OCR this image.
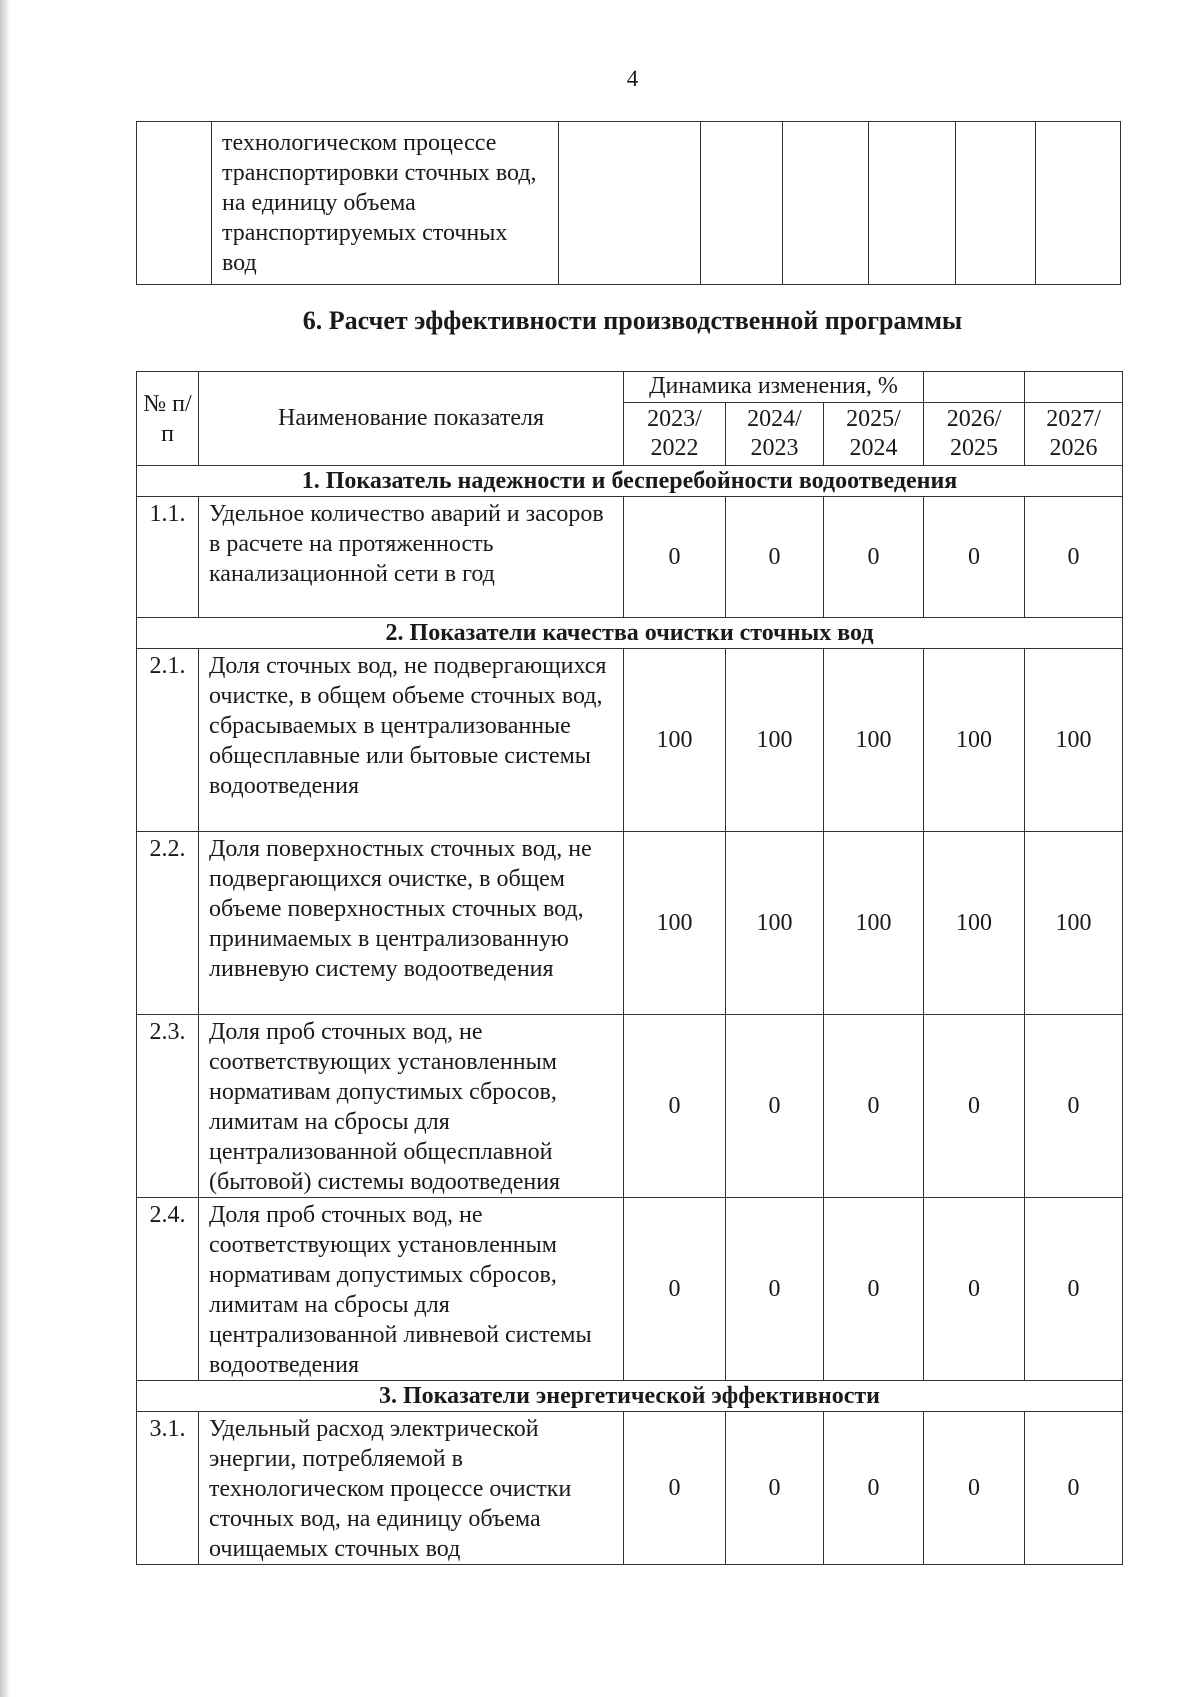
4

	технологическом процессе транспортировки сточных вод, на единицу объема транспортируемых сточных вод						
6. Расчет эффективности производственной программы
№ п/п	Наименование показателя	Динамика изменения, %				
		2023/ 2022	2024/ 2023	2025/ 2024	2026/ 2025	2027/ 2026
1. Показатель надежности и бесперебойности водоотведения						
1.1.	Удельное количество аварий и засоров в расчете на протяженность канализационной сети в год	0	0	0	0	0
2. Показатели качества очистки сточных вод						
2.1.	Доля сточных вод, не подвергающихся очистке, в общем объеме сточных вод, сбрасываемых в централизованные общесплавные или бытовые системы водоотведения	100	100	100	100	100
2.2.	Доля поверхностных сточных вод, не подвергающихся очистке, в общем объеме поверхностных сточных вод, принимаемых в централизованную ливневую систему водоотведения	100	100	100	100	100
2.3.	Доля проб сточных вод, не соответствующих установленным нормативам допустимых сбросов, лимитам на сбросы для централизованной общесплавной (бытовой) системы водоотведения	0	0	0	0	0
2.4.	Доля проб сточных вод, не соответствующих установленным нормативам допустимых сбросов, лимитам на сбросы для централизованной ливневой системы водоотведения	0	0	0	0	0
3. Показатели энергетической эффективности						
3.1.	Удельный расход электрической энергии, потребляемой в технологическом процессе очистки сточных вод, на единицу объема очищаемых сточных вод	0	0	0	0	0
